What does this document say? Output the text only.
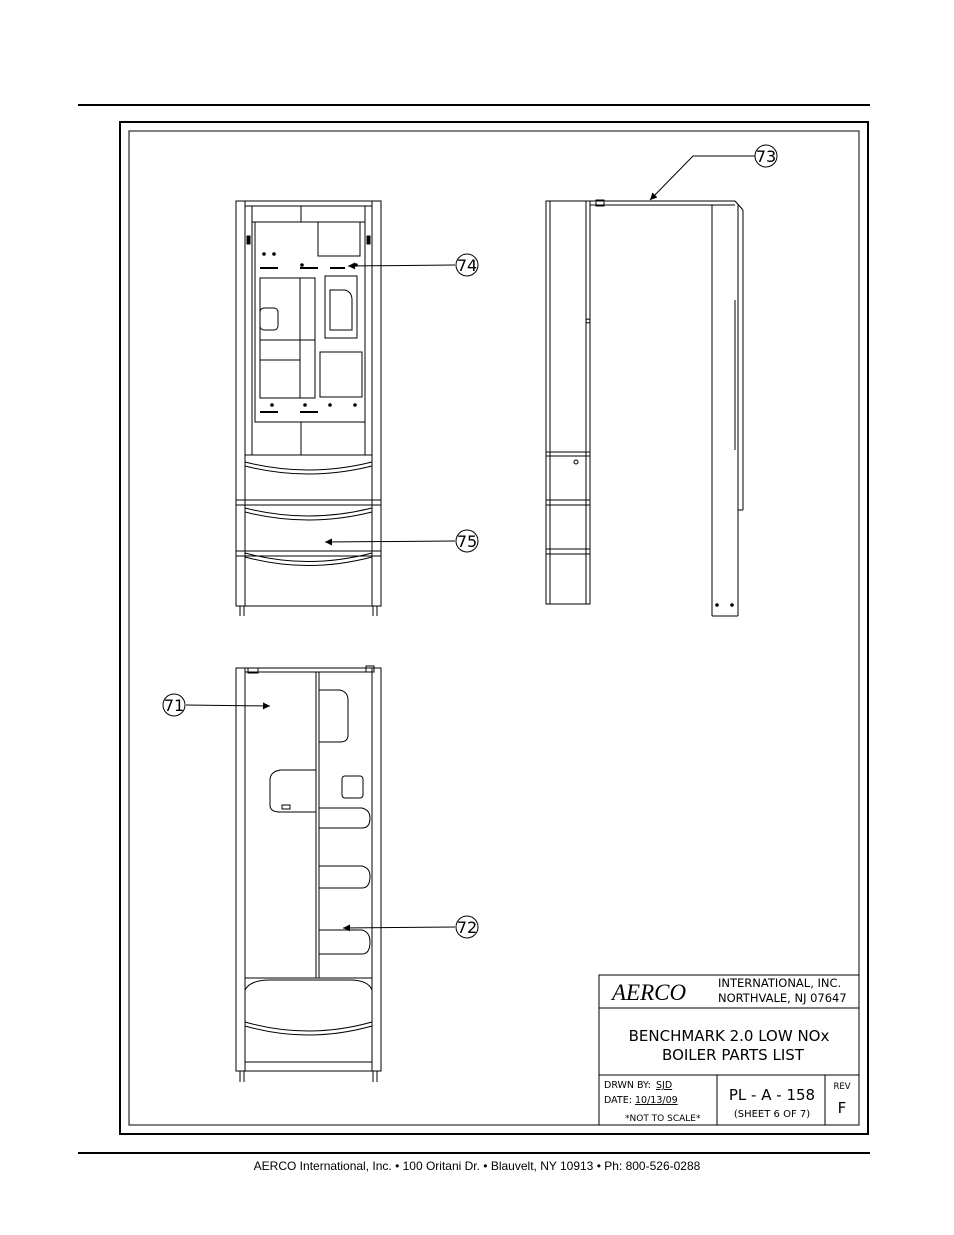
73
74
75
71
72
AERCO	INTERNATIONAL, INC.
NORTHVALE, NJ 07647
BENCHMARK 2.0 LOW NOx
BOILER PARTS LIST
DRWN BY: SJD
DATE: 10/13/09
*NOT TO SCALE*
PL - A - 158
(SHEET 6 OF 7)
REV
F
AERCO International, Inc. • 100 Oritani Dr. • Blauvelt, NY 10913 • Ph: 800-526-0288
